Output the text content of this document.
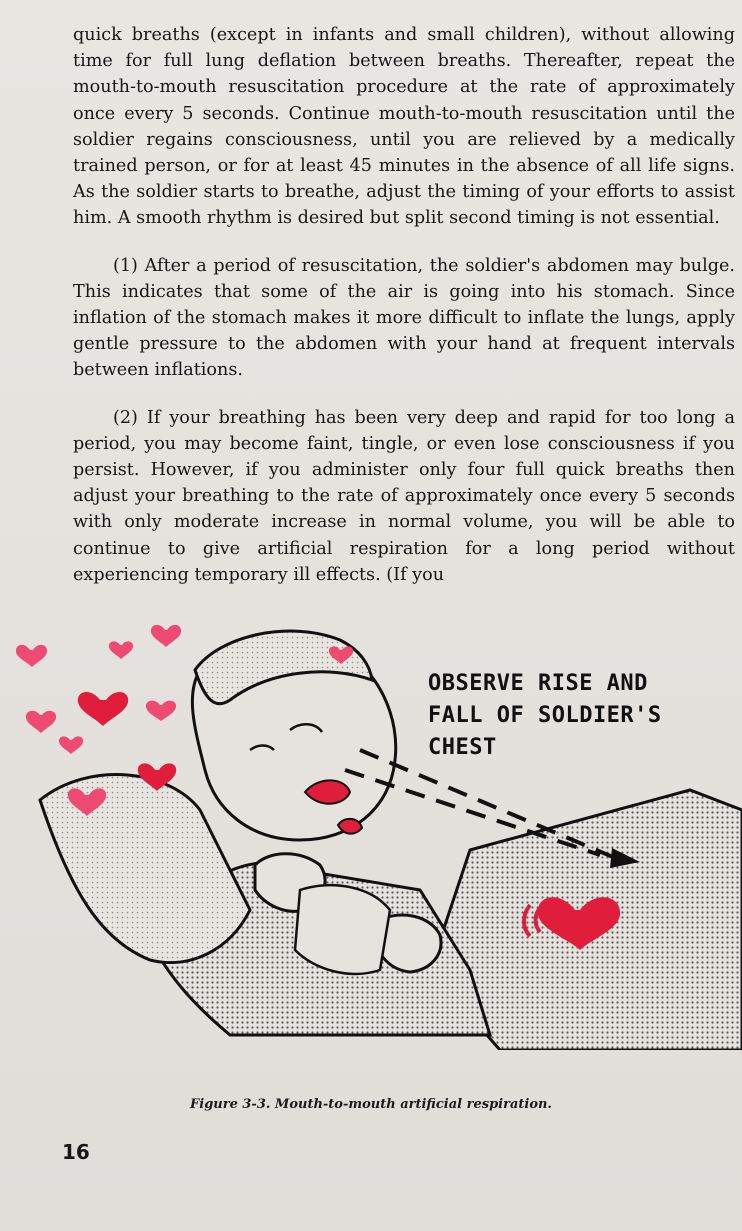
quick breaths (except in infants and small children), without allowing time for full lung deflation between breaths. Thereafter, repeat the mouth-to-mouth resuscitation procedure at the rate of approximately once every 5 seconds. Continue mouth-to-mouth resuscitation until the soldier regains consciousness, until you are relieved by a medically trained person, or for at least 45 minutes in the absence of all life signs. As the soldier starts to breathe, adjust the timing of your efforts to assist him. A smooth rhythm is desired but split second timing is not essential.

(1) After a period of resuscitation, the soldier's abdomen may bulge. This indicates that some of the air is going into his stomach. Since inflation of the stomach makes it more difficult to inflate the lungs, apply gentle pressure to the abdomen with your hand at frequent intervals between inflations.

(2) If your breathing has been very deep and rapid for too long a period, you may become faint, tingle, or even lose consciousness if you persist. However, if you administer only four full quick breaths then adjust your breathing to the rate of approximately once every 5 seconds with only moderate increase in normal volume, you will be able to continue to give artificial respiration for a long period without experiencing temporary ill effects. (If you

OBSERVE RISE AND
FALL OF SOLDIER'S
CHEST
Figure 3-3. Mouth-to-mouth artificial respiration.
16
